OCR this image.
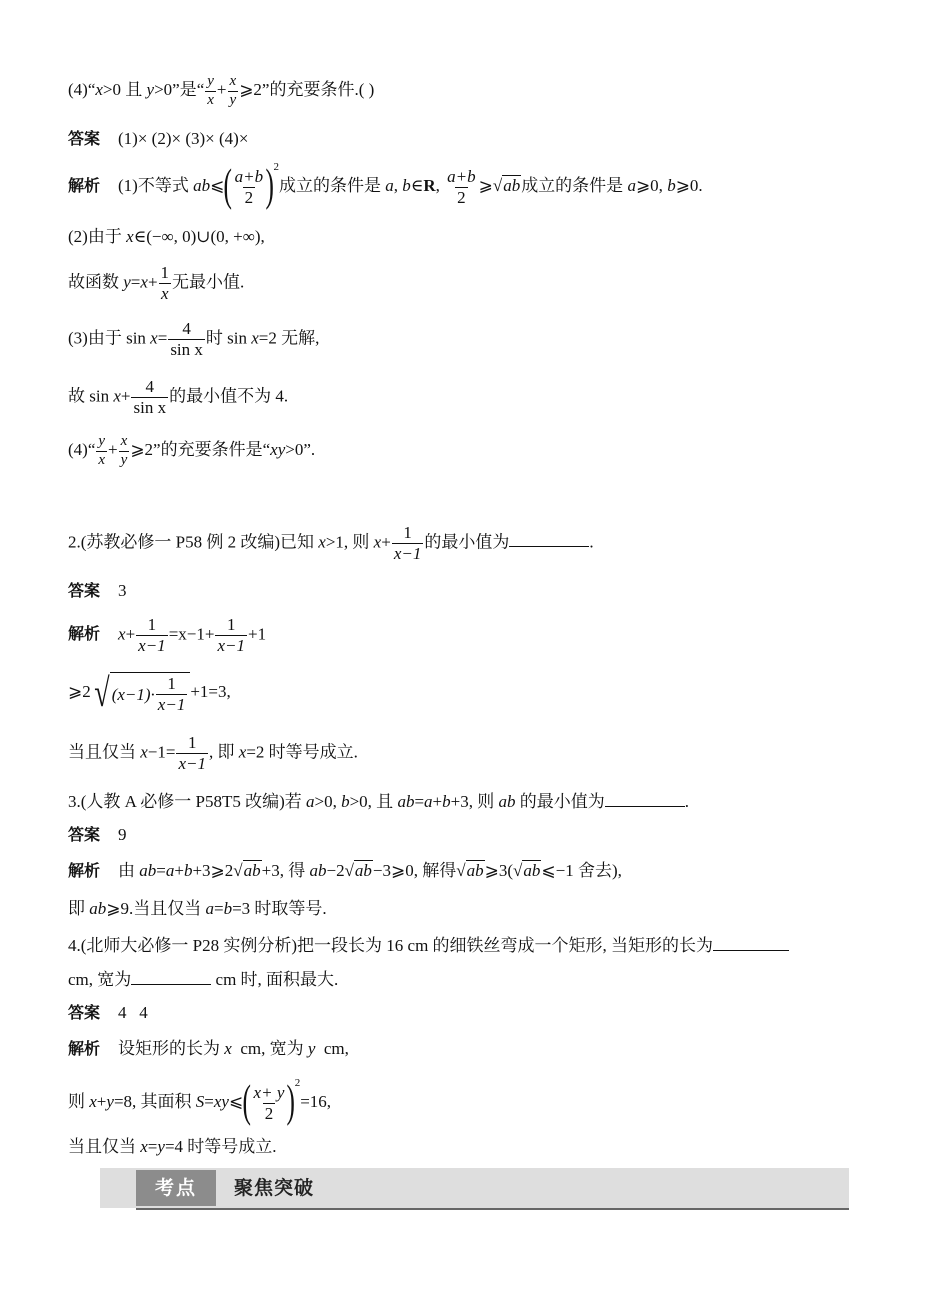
(4)“x>0 且 y>0”是“ $\frac{y}{x} + \frac{x}{y}$ ⩾2”的充要条件.( )
答案 (1)× (2)× (3)× (4)×
解析 (1)不等式 ab⩽( $\frac{a+b}{2} )^2$成立的条件是 a, b∈R, $\frac{a+b}{2}$ ⩾√ab成立的条件是 a⩾0, b⩾0.
(2)由于 x∈(−∞, 0)∪(0, +∞),
故函数 $y=x+ \frac{1}{x}$ 无最小值.
(3)由于 $\sin x= \frac{4}{\text{sin x}}$ 时 sin x=2 无解,
故 $\sin x+ \frac{4}{\text{sin x}}$ 的最小值不为 4.
(4)“ $\frac{y}{x} + \frac{x}{y}$ ⩾2”的充要条件是“xy>0”.
2.(苏教必修一 P58 例 2 改编)已知 x>1, 则 $x+ \frac{1}{x-1}$ 的最小值为	.
答案 3
解析 $x+ \frac{1}{x-1} =x-1+ \frac{1}{x-1} +1$
⩾2 √ $(x-1)\cdot \frac{1}{x-1} +1=3$,
当且仅当 $x-1= \frac{1}{x-1}$ , 即 x=2 时等号成立.
3.(人教 A 必修一 P58T5 改编)若 a>0, b>0, 且 ab=a+b+3, 则 ab 的最小值为	.
答案 9
解析 由 ab=a+b+3⩾2√ab+3, 得 ab−2√ab−3⩾0, 解得√ab⩾3(√ab⩽−1 舍去),
即 ab⩾9.当且仅当 a=b=3 时取等号.
4.(北师大必修一 P28 实例分析)把一段长为 16 cm 的细铁丝弯成一个矩形, 当矩形的长为
cm, 宽为	cm 时, 面积最大.
答案 4   4
解析 设矩形的长为 x  cm, 宽为 y  cm,
则 x+y=8, 其面积 S=xy⩽( $\frac{x+ y}{2} )^2=16$,
当且仅当 x=y=4 时等号成立.
考点	聚焦突破
